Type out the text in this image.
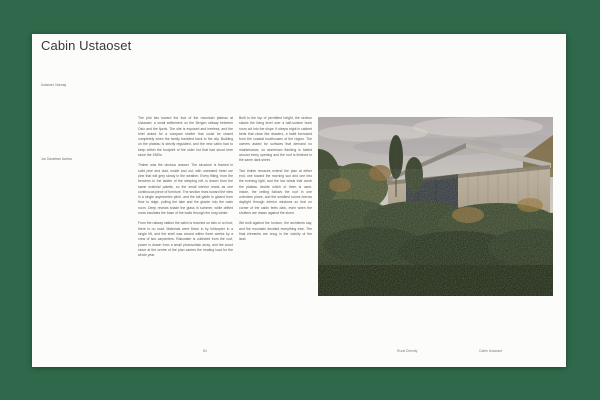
Cabin Ustaoset
Ustaoset, Norway
Jon Danielsen Aarhus

The plot lies toward the foot of the mountain plateau at Ustaoset, a small settlement on the Bergen railway between Oslo and the fjords. The site is exposed and treeless, and the brief asked for a compact shelter that could be closed completely when the family travelled back to the city. Building on the plateau is strictly regulated, and the new cabin had to keep within the footprint of the older hut that had stood here since the 1960s.

Timber was the obvious answer. The structure is framed in solid pine and clad, inside and out, with untreated heart ore pine that will grey slowly in the weather. Every fitting, from the benches to the ladder of the sleeping loft, is drawn from the same material palette, so the small interior reads as one continuous piece of furniture. The section rises toward the view in a single asymmetric pitch, and the tall gable is glazed from floor to ridge, pulling the lake and the glacier into the main room. Deep reveals shade the glass in summer, while drifted snow insulates the base of the walls through the long winter.

From the railway station the cabin is reached on skis or on foot; there is no road. Materials were flown in by helicopter in a single lift, and the shell was closed within three weeks by a crew of two carpenters. Rainwater is collected from the roof, power is drawn from a small photovoltaic array, and the wood stove at the centre of the plan carries the heating load for the whole year.

Built to the top of permitted height, the section stacks the living level over a half-sunken bunk room cut into the slope. It sleeps eight in cabinet beds that close like drawers, a habit borrowed from the coastal boathouses of the region. The owners asked for surfaces that demand no maintenance, so aluminium flashing is folded around every opening and the roof is finished in the same dark sheet.

Two timber terraces extend the plan at either end, one toward the morning sun and one into the evening light, and the low winds that comb the plateau decide which of them is used. Inside, the ceiling follows the roof in one unbroken plane, and the smallest rooms borrow daylight through interior windows so that no corner of the cabin feels dark, even when the shutters are drawn against the storm.

We built against the horizon, the architects say, and the mountain decided everything else. The final elements are snug in the vicinity of the land.

84	Rural Density	Cabin Ustaoset
